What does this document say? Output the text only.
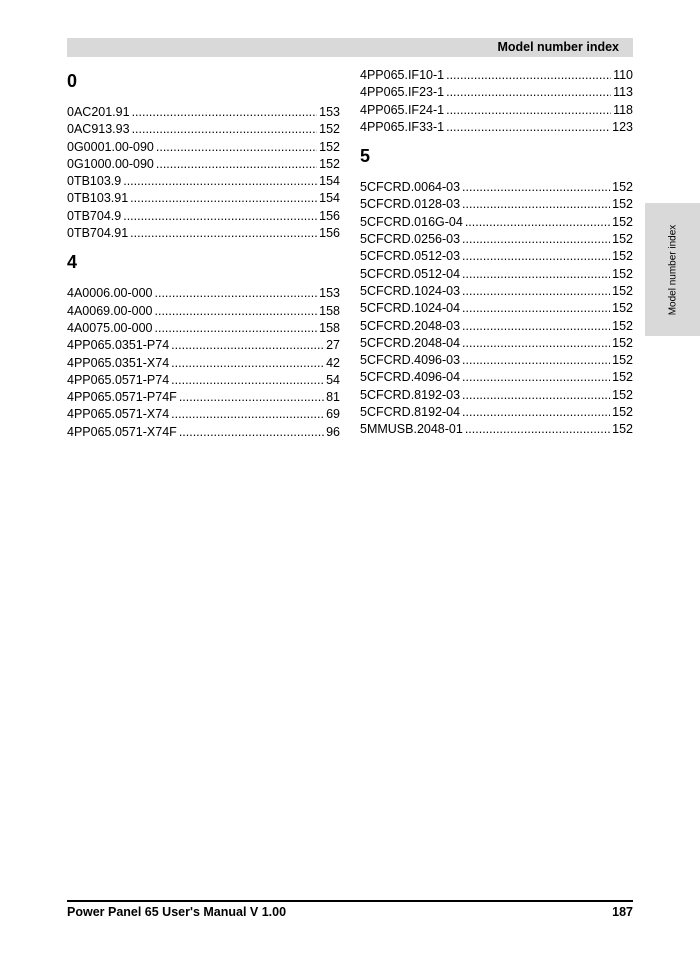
Model number index
Model number index
0
0AC201.91 .....	153
0AC913.93 .....	152
0G0001.00-090 .....	152
0G1000.00-090 .....	152
0TB103.9 .....	154
0TB103.91 .....	154
0TB704.9 .....	156
0TB704.91 .....	156
4
4A0006.00-000 .....	153
4A0069.00-000 .....	158
4A0075.00-000 .....	158
4PP065.0351-P74 .....	27
4PP065.0351-X74 .....	42
4PP065.0571-P74 .....	54
4PP065.0571-P74F .....	81
4PP065.0571-X74 .....	69
4PP065.0571-X74F .....	96
4PP065.IF10-1 .....	110
4PP065.IF23-1 .....	113
4PP065.IF24-1 .....	118
4PP065.IF33-1 .....	123
5
5CFCRD.0064-03 .....	152
5CFCRD.0128-03 .....	152
5CFCRD.016G-04 .....	152
5CFCRD.0256-03 .....	152
5CFCRD.0512-03 .....	152
5CFCRD.0512-04 .....	152
5CFCRD.1024-03 .....	152
5CFCRD.1024-04 .....	152
5CFCRD.2048-03 .....	152
5CFCRD.2048-04 .....	152
5CFCRD.4096-03 .....	152
5CFCRD.4096-04 .....	152
5CFCRD.8192-03 .....	152
5CFCRD.8192-04 .....	152
5MMUSB.2048-01 .....	152
Power Panel 65 User's Manual V 1.00	187
